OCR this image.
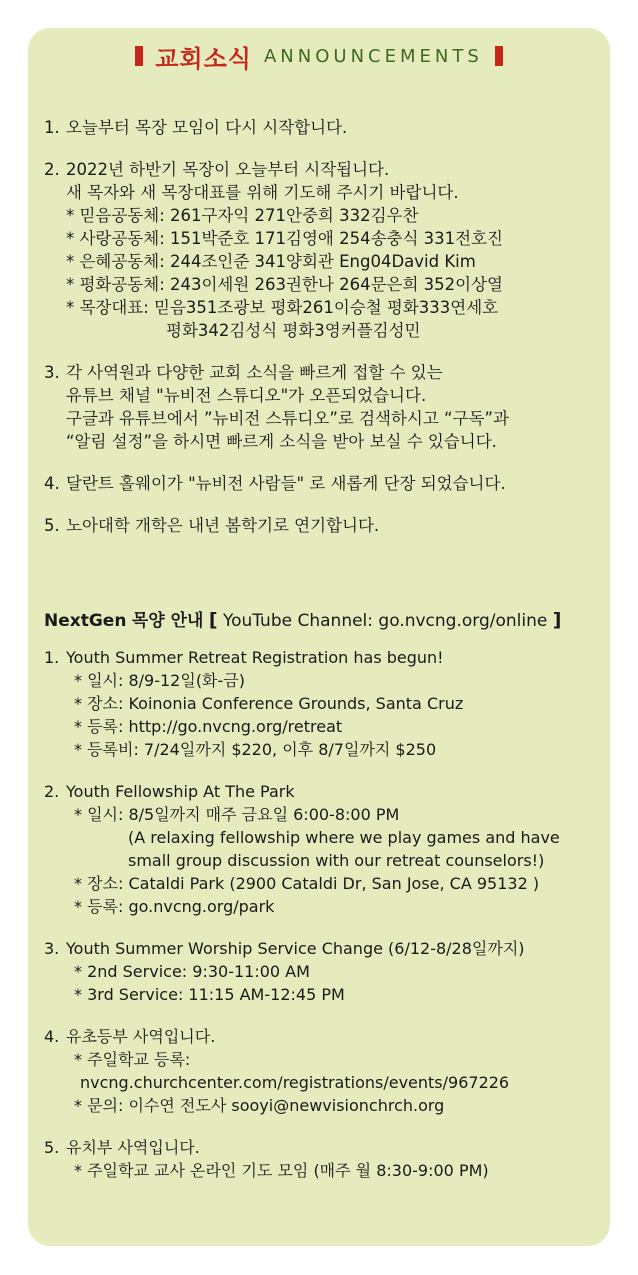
교회소식 ANNOUNCEMENTS
1. 오늘부터 목장 모임이 다시 시작합니다.
2. 2022년 하반기 목장이 오늘부터 시작됩니다.
새 목자와 새 목장대표를 위해 기도해 주시기 바랍니다.
* 믿음공동체: 261구자익 271안중희 332김우찬
* 사랑공동체: 151박준호 171김영애 254송충식 331전호진
* 은혜공동체: 244조인준 341양회관 Eng04David Kim
* 평화공동체: 243이세원 263권한나 264문은희 352이상열
* 목장대표: 믿음351조광보 평화261이승철 평화333연세호
평화342김성식 평화3영커플김성민
3. 각 사역원과 다양한 교회 소식을 빠르게 접할 수 있는
유튜브 채널 "뉴비전 스튜디오"가 오픈되었습니다.
구글과 유튜브에서 ”뉴비전 스튜디오”로 검색하시고 “구독”과
“알림 설정”을 하시면 빠르게 소식을 받아 보실 수 있습니다.
4. 달란트 홀웨이가 "뉴비전 사람들" 로 새롭게 단장 되었습니다.
5. 노아대학 개학은 내년 봄학기로 연기합니다.
NextGen 목양 안내 [ YouTube Channel: go.nvcng.org/online ]
1. Youth Summer Retreat Registration has begun!
* 일시: 8/9-12일(화-금)
* 장소: Koinonia Conference Grounds, Santa Cruz
* 등록: http://go.nvcng.org/retreat
* 등록비: 7/24일까지 $220, 이후 8/7일까지 $250
2. Youth Fellowship At The Park
* 일시: 8/5일까지 매주 금요일 6:00-8:00 PM
(A relaxing fellowship where we play games and have
small group discussion with our retreat counselors!)
* 장소: Cataldi Park (2900 Cataldi Dr, San Jose, CA 95132 )
* 등록: go.nvcng.org/park
3. Youth Summer Worship Service Change (6/12-8/28일까지)
* 2nd Service: 9:30-11:00 AM
* 3rd Service: 11:15 AM-12:45 PM
4. 유초등부 사역입니다.
* 주일학교 등록:
nvcng.churchcenter.com/registrations/events/967226
* 문의: 이수연 전도사 sooyi@newvisionchrch.org
5. 유치부 사역입니다.
* 주일학교 교사 온라인 기도 모임 (매주 월 8:30-9:00 PM)
